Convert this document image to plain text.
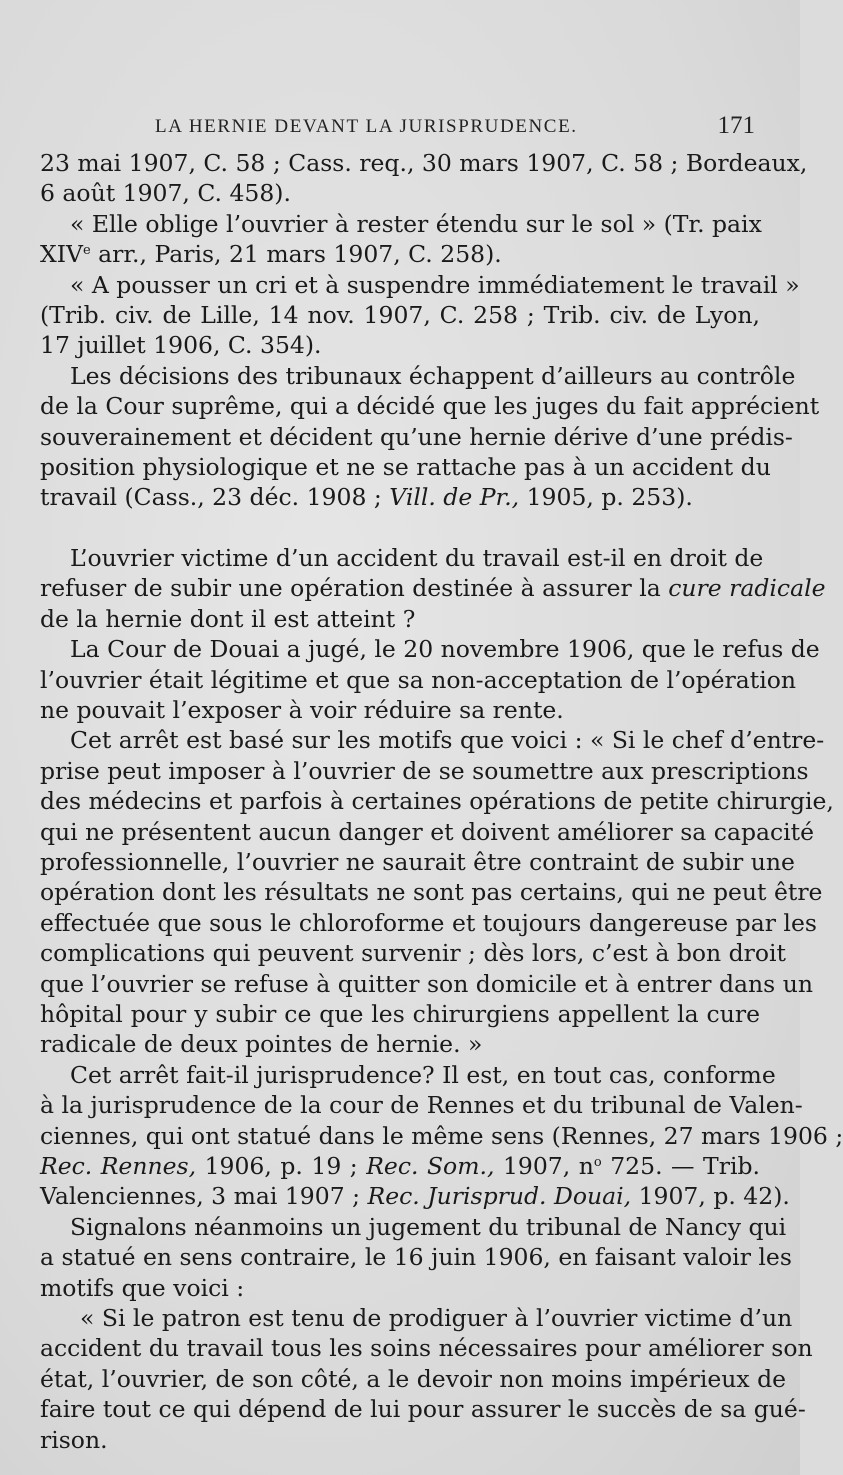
LA HERNIE DEVANT LA JURISPRUDENCE.	171
23 mai 1907, C. 58 ; Cass. req., 30 mars 1907, C. 58 ; Bordeaux,
6 août 1907, C. 458).
« Elle oblige l’ouvrier à rester étendu sur le sol » (Tr. paix
XIVe arr., Paris, 21 mars 1907, C. 258).
« A pousser un cri et à suspendre immédiatement le travail »
(Trib. civ. de Lille, 14 nov. 1907, C. 258 ; Trib. civ. de Lyon,
17 juillet 1906, C. 354).
Les décisions des tribunaux échappent d’ailleurs au contrôle
de la Cour suprême, qui a décidé que les juges du fait apprécient
souverainement et décident qu’une hernie dérive d’une prédis-
position physiologique et ne se rattache pas à un accident du
travail (Cass., 23 déc. 1908 ; Vill. de Pr., 1905, p. 253).
L’ouvrier victime d’un accident du travail est-il en droit de
refuser de subir une opération destinée à assurer la cure radicale
de la hernie dont il est atteint ?
La Cour de Douai a jugé, le 20 novembre 1906, que le refus de
l’ouvrier était légitime et que sa non-acceptation de l’opération
ne pouvait l’exposer à voir réduire sa rente.
Cet arrêt est basé sur les motifs que voici : « Si le chef d’entre-
prise peut imposer à l’ouvrier de se soumettre aux prescriptions
des médecins et parfois à certaines opérations de petite chirurgie,
qui ne présentent aucun danger et doivent améliorer sa capacité
professionnelle, l’ouvrier ne saurait être contraint de subir une
opération dont les résultats ne sont pas certains, qui ne peut être
effectuée que sous le chloroforme et toujours dangereuse par les
complications qui peuvent survenir ; dès lors, c’est à bon droit
que l’ouvrier se refuse à quitter son domicile et à entrer dans un
hôpital pour y subir ce que les chirurgiens appellent la cure
radicale de deux pointes de hernie. »
Cet arrêt fait-il jurisprudence? Il est, en tout cas, conforme
à la jurisprudence de la cour de Rennes et du tribunal de Valen-
ciennes, qui ont statué dans le même sens (Rennes, 27 mars 1906 ;
Rec. Rennes, 1906, p. 19 ; Rec. Som., 1907, $n^o$ 725. — Trib.
Valenciennes, 3 mai 1907 ; Rec. Jurisprud. Douai, 1907, p. 42).
Signalons néanmoins un jugement du tribunal de Nancy qui
a statué en sens contraire, le 16 juin 1906, en faisant valoir les
motifs que voici :
« Si le patron est tenu de prodiguer à l’ouvrier victime d’un
accident du travail tous les soins nécessaires pour améliorer son
état, l’ouvrier, de son côté, a le devoir non moins impérieux de
faire tout ce qui dépend de lui pour assurer le succès de sa gué-
rison.
